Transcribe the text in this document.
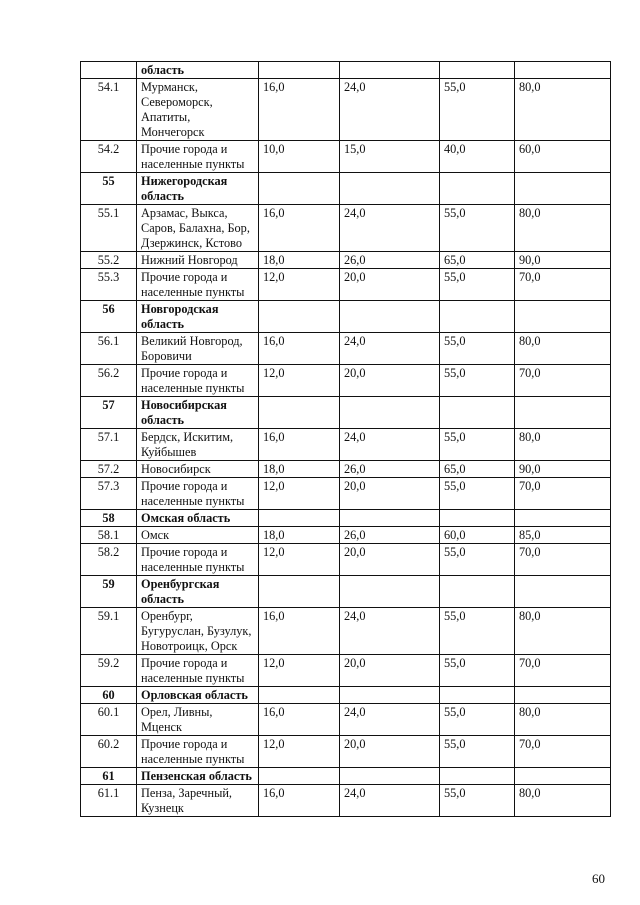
	область				
54.1	Мурманск, Североморск, Апатиты, Мончегорск	16,0	24,0	55,0	80,0
54.2	Прочие города и населенные пункты	10,0	15,0	40,0	60,0
55	Нижегородская область				
55.1	Арзамас, Выкса, Саров, Балахна, Бор, Дзержинск, Кстово	16,0	24,0	55,0	80,0
55.2	Нижний Новгород	18,0	26,0	65,0	90,0
55.3	Прочие города и населенные пункты	12,0	20,0	55,0	70,0
56	Новгородская область				
56.1	Великий Новгород, Боровичи	16,0	24,0	55,0	80,0
56.2	Прочие города и населенные пункты	12,0	20,0	55,0	70,0
57	Новосибирская область				
57.1	Бердск, Искитим, Куйбышев	16,0	24,0	55,0	80,0
57.2	Новосибирск	18,0	26,0	65,0	90,0
57.3	Прочие города и населенные пункты	12,0	20,0	55,0	70,0
58	Омская область				
58.1	Омск	18,0	26,0	60,0	85,0
58.2	Прочие города и населенные пункты	12,0	20,0	55,0	70,0
59	Оренбургская область				
59.1	Оренбург, Бугуруслан, Бузулук, Новотроицк, Орск	16,0	24,0	55,0	80,0
59.2	Прочие города и населенные пункты	12,0	20,0	55,0	70,0
60	Орловская область				
60.1	Орел, Ливны, Мценск	16,0	24,0	55,0	80,0
60.2	Прочие города и населенные пункты	12,0	20,0	55,0	70,0
61	Пензенская область				
61.1	Пенза, Заречный, Кузнецк	16,0	24,0	55,0	80,0
60
